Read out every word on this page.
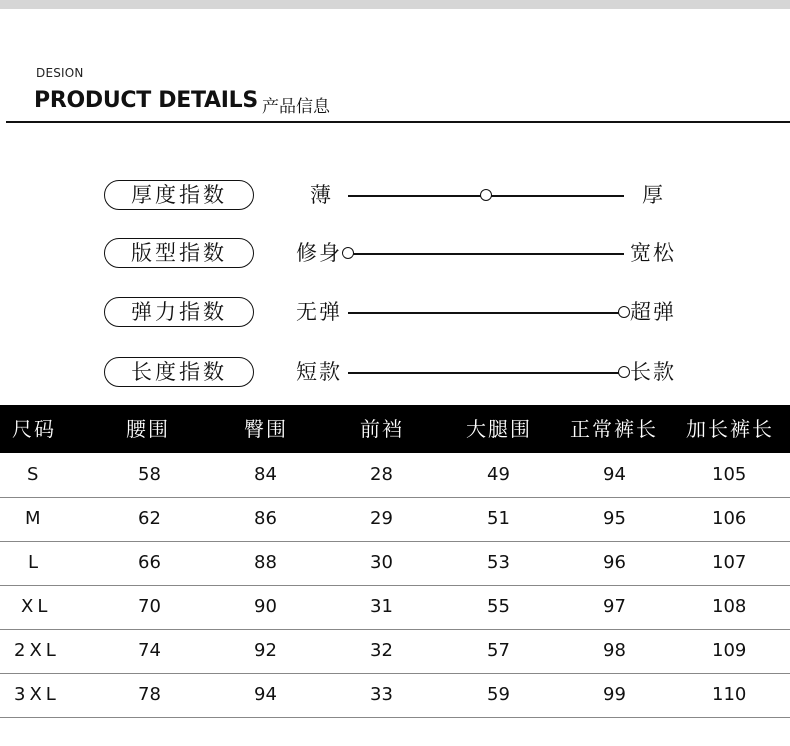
DESION
PRODUCT DETAILS 产品信息
厚度指数	薄	厚
版型指数	修身	宽松
弹力指数	无弹	超弹
长度指数	短款	长款
尺码	腰围	臀围	前裆	大腿围 正常裤长 加长裤长
S	58	84	28	49	94	105
M	62	86	29	51	95	106
L	66	88	30	53	96	107
XL	70	90	31	55	97	108
2XL	74	92	32	57	98	109
3XL	78	94	33	59	99	110
